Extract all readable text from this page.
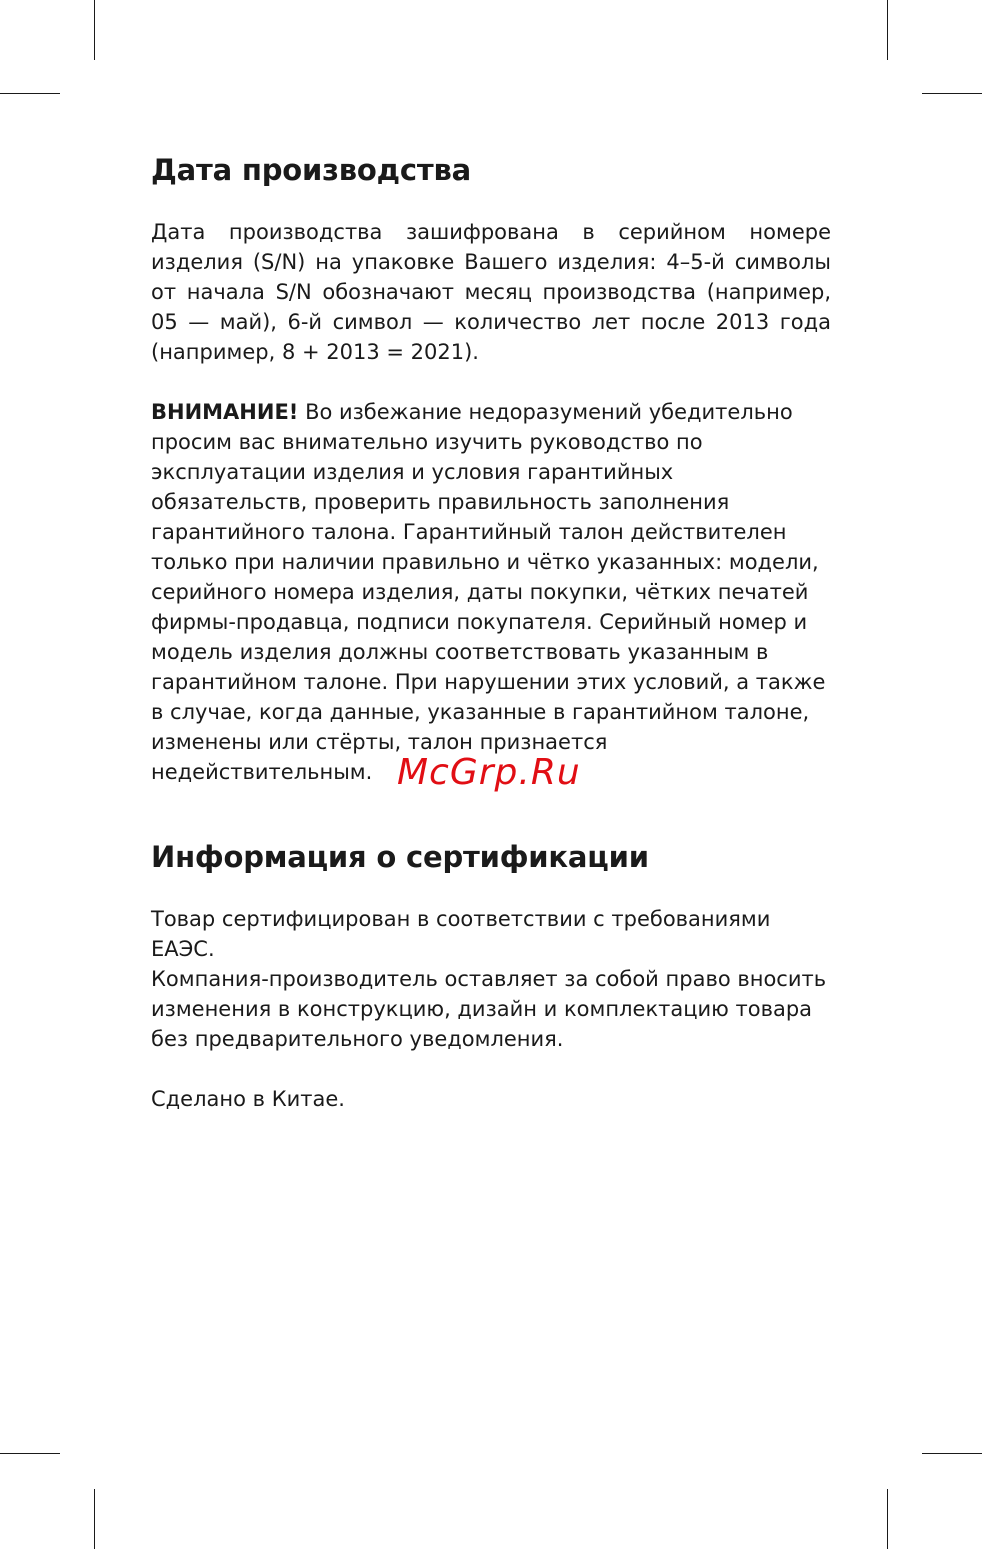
Дата производства

Дата производства зашифрована в серийном номере изделия (S/N) на упаковке Вашего изделия: 4–5-й символы от начала S/N обозначают месяц производства (например, 05 — май), 6-й символ — количество лет после 2013 года (например, 8 + 2013 = 2021).

ВНИМАНИЕ! Во избежание недоразумений убедительно просим вас внимательно изучить руководство по эксплуатации изделия и условия гарантийных обязательств, проверить правильность заполнения гарантийного талона. Гарантийный талон действителен только при наличии правильно и чётко указанных: модели, серийного номера изделия, даты покупки, чётких печатей фирмы-продавца, подписи покупателя. Серийный номер и модель изделия должны соответствовать указанным в гарантийном талоне. При нарушении этих условий, а также в случае, когда данные, указанные в гарантийном талоне, изменены или стёрты, талон признается недействительным.

Информация о сертификации

Товар сертифицирован в соответствии с требованиями ЕАЭС.

Компания-производитель оставляет за собой право вносить изменения в конструкцию, дизайн и комплектацию товара без предварительного уведомления.

Сделано в Китае.

McGrp.Ru
